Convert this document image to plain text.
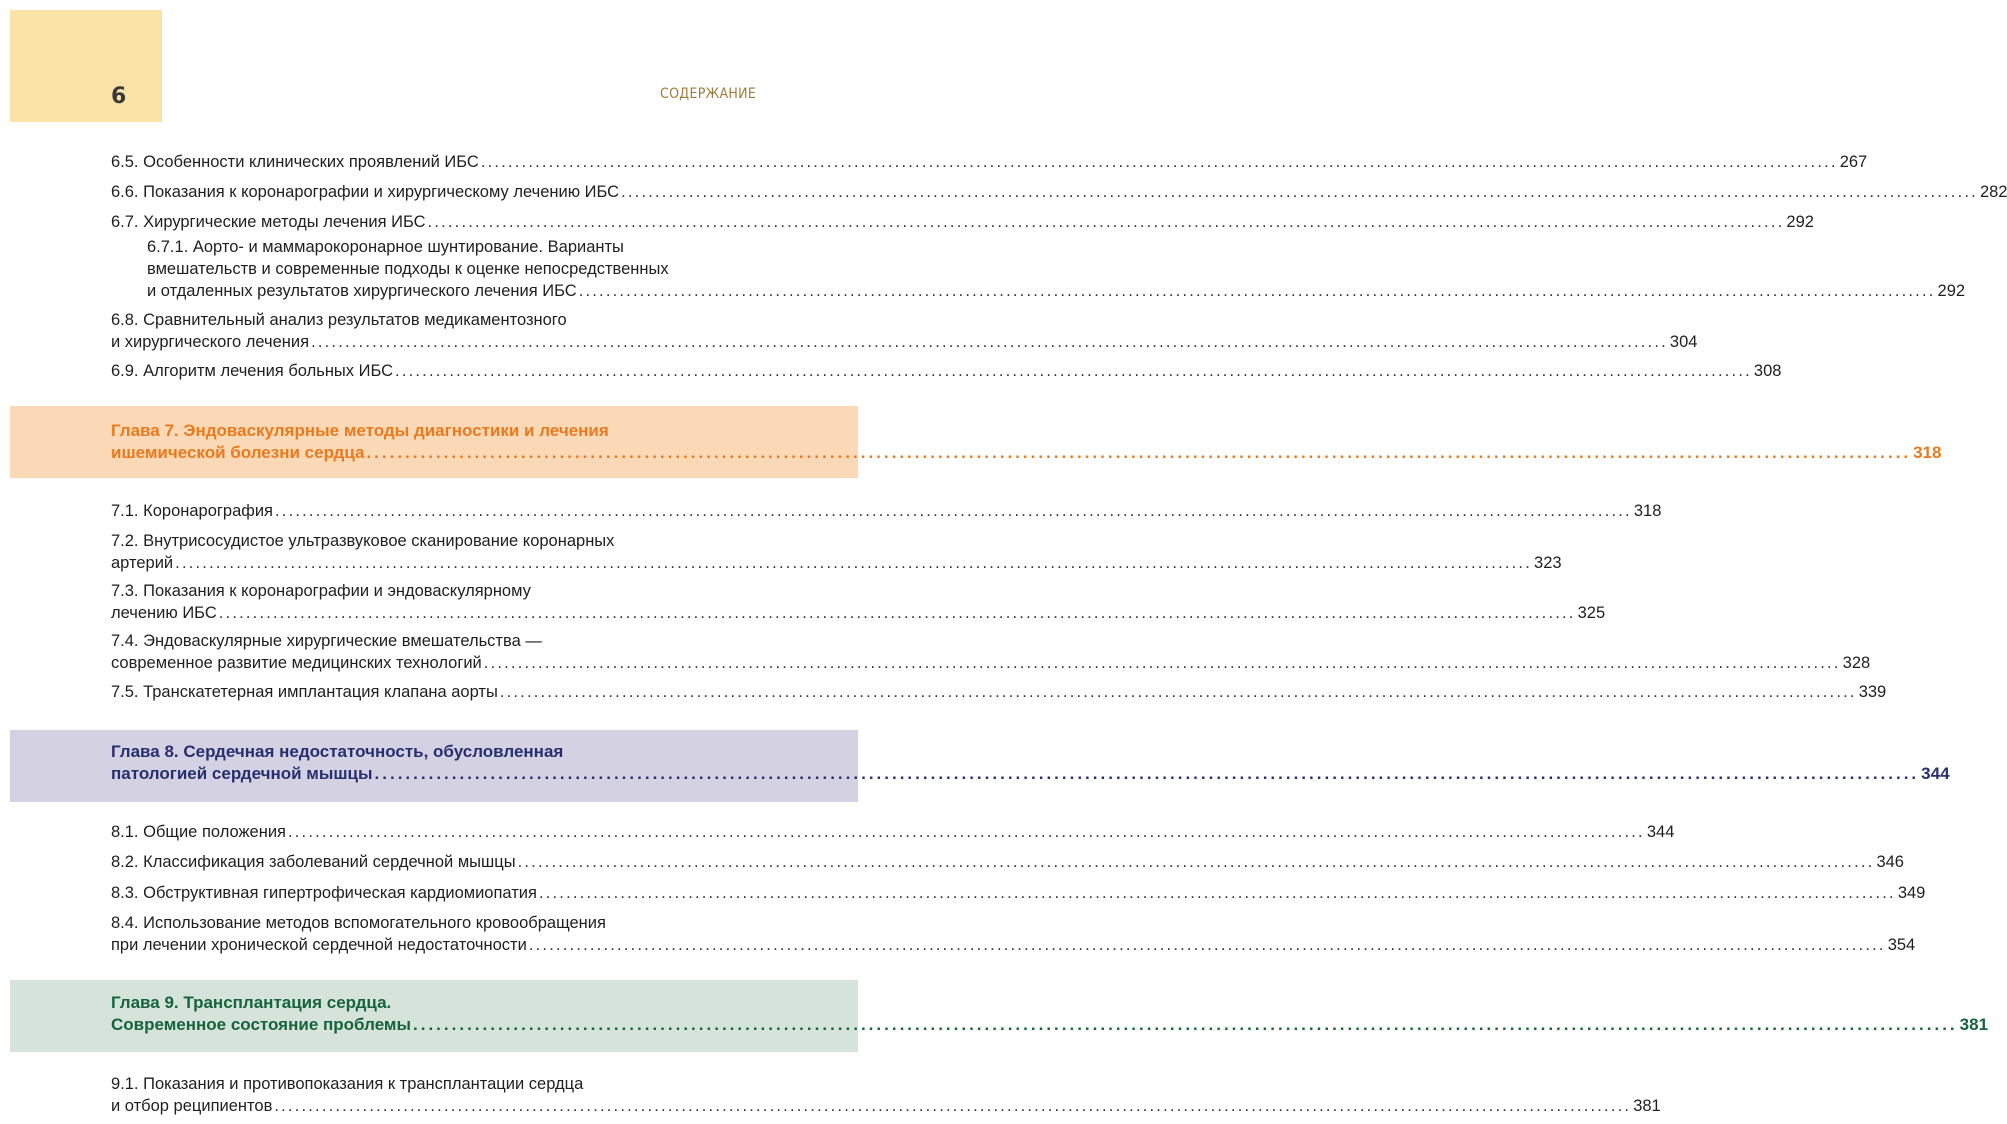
6	СОДЕРЖАНИЕ
6.5. Особенности клинических проявлений ИБС ........................................................................................................................................................................................................ 267
6.6. Показания к коронарографии и хирургическому лечению ИБС ........................................................................................................................................................................................................ 282
6.7. Хирургические методы лечения ИБС ........................................................................................................................................................................................................ 292
6.7.1. Аорто- и маммарокоронарное шунтирование. Варианты
вмешательств и современные подходы к оценке непосредственных
и отдаленных результатов хирургического лечения ИБС ........................................................................................................................................................................................................ 292
6.8. Сравнительный анализ результатов медикаментозного
и хирургического лечения ........................................................................................................................................................................................................ 304
6.9. Алгоритм лечения больных ИБС ........................................................................................................................................................................................................ 308
Глава 7. Эндоваскулярные методы диагностики и лечения
ишемической болезни сердца ........................................................................................................................................................................................................ 318
7.1. Коронарография ........................................................................................................................................................................................................ 318
7.2. Внутрисосудистое ультразвуковое сканирование коронарных
артерий ........................................................................................................................................................................................................ 323
7.3. Показания к коронарографии и эндоваскулярному
лечению ИБС ........................................................................................................................................................................................................ 325
7.4. Эндоваскулярные хирургические вмешательства —
современное развитие медицинских технологий ........................................................................................................................................................................................................ 328
7.5. Транскатетерная имплантация клапана аорты ........................................................................................................................................................................................................ 339
Глава 8. Сердечная недостаточность, обусловленная
патологией сердечной мышцы ........................................................................................................................................................................................................ 344
8.1. Общие положения ........................................................................................................................................................................................................ 344
8.2. Классификация заболеваний сердечной мышцы ........................................................................................................................................................................................................ 346
8.3. Обструктивная гипертрофическая кардиомиопатия ........................................................................................................................................................................................................ 349
8.4. Использование методов вспомогательного кровообращения
при лечении хронической сердечной недостаточности ........................................................................................................................................................................................................ 354
Глава 9. Трансплантация сердца.
Современное состояние проблемы ........................................................................................................................................................................................................ 381
9.1. Показания и противопоказания к трансплантации сердца
и отбор реципиентов ........................................................................................................................................................................................................ 381
